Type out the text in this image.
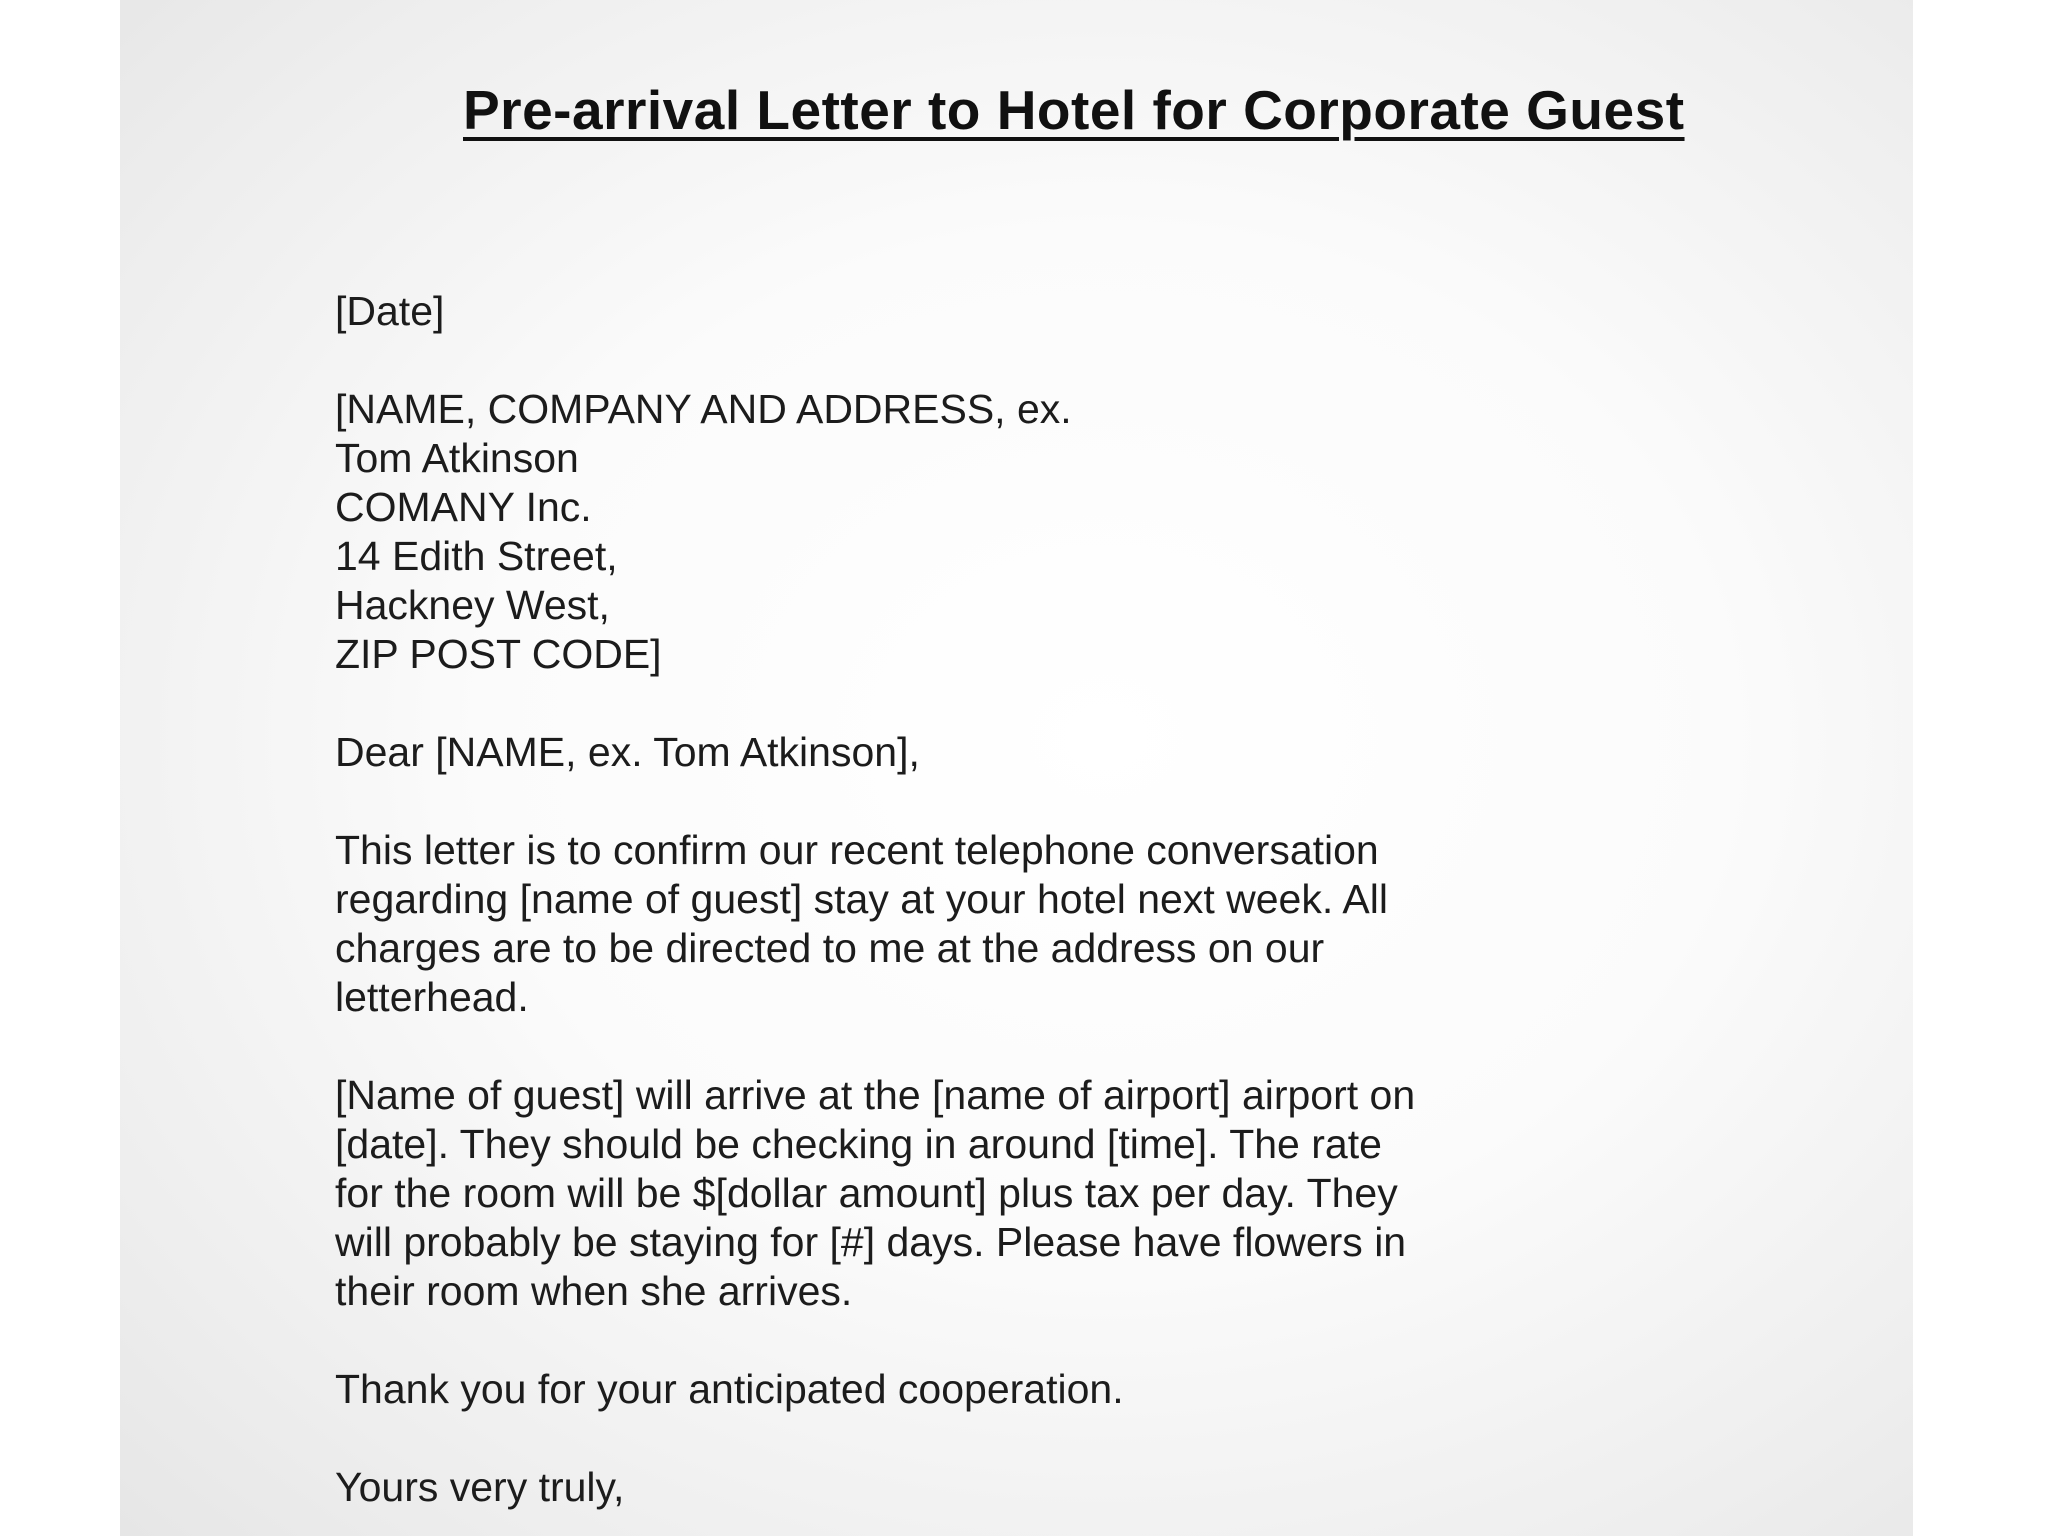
Pre-arrival Letter to Hotel for Corporate Guest
[Date]
[NAME, COMPANY AND ADDRESS, ex.
Tom Atkinson
COMANY Inc.
14 Edith Street,
Hackney West,
ZIP POST CODE]
Dear [NAME, ex. Tom Atkinson],
This letter is to confirm our recent telephone conversation
regarding [name of guest] stay at your hotel next week. All
charges are to be directed to me at the address on our
letterhead.
[Name of guest] will arrive at the [name of airport] airport on
[date]. They should be checking in around [time]. The rate
for the room will be $[dollar amount] plus tax per day. They
will probably be staying for [#] days. Please have flowers in
their room when she arrives.
Thank you for your anticipated cooperation.
Yours very truly,
